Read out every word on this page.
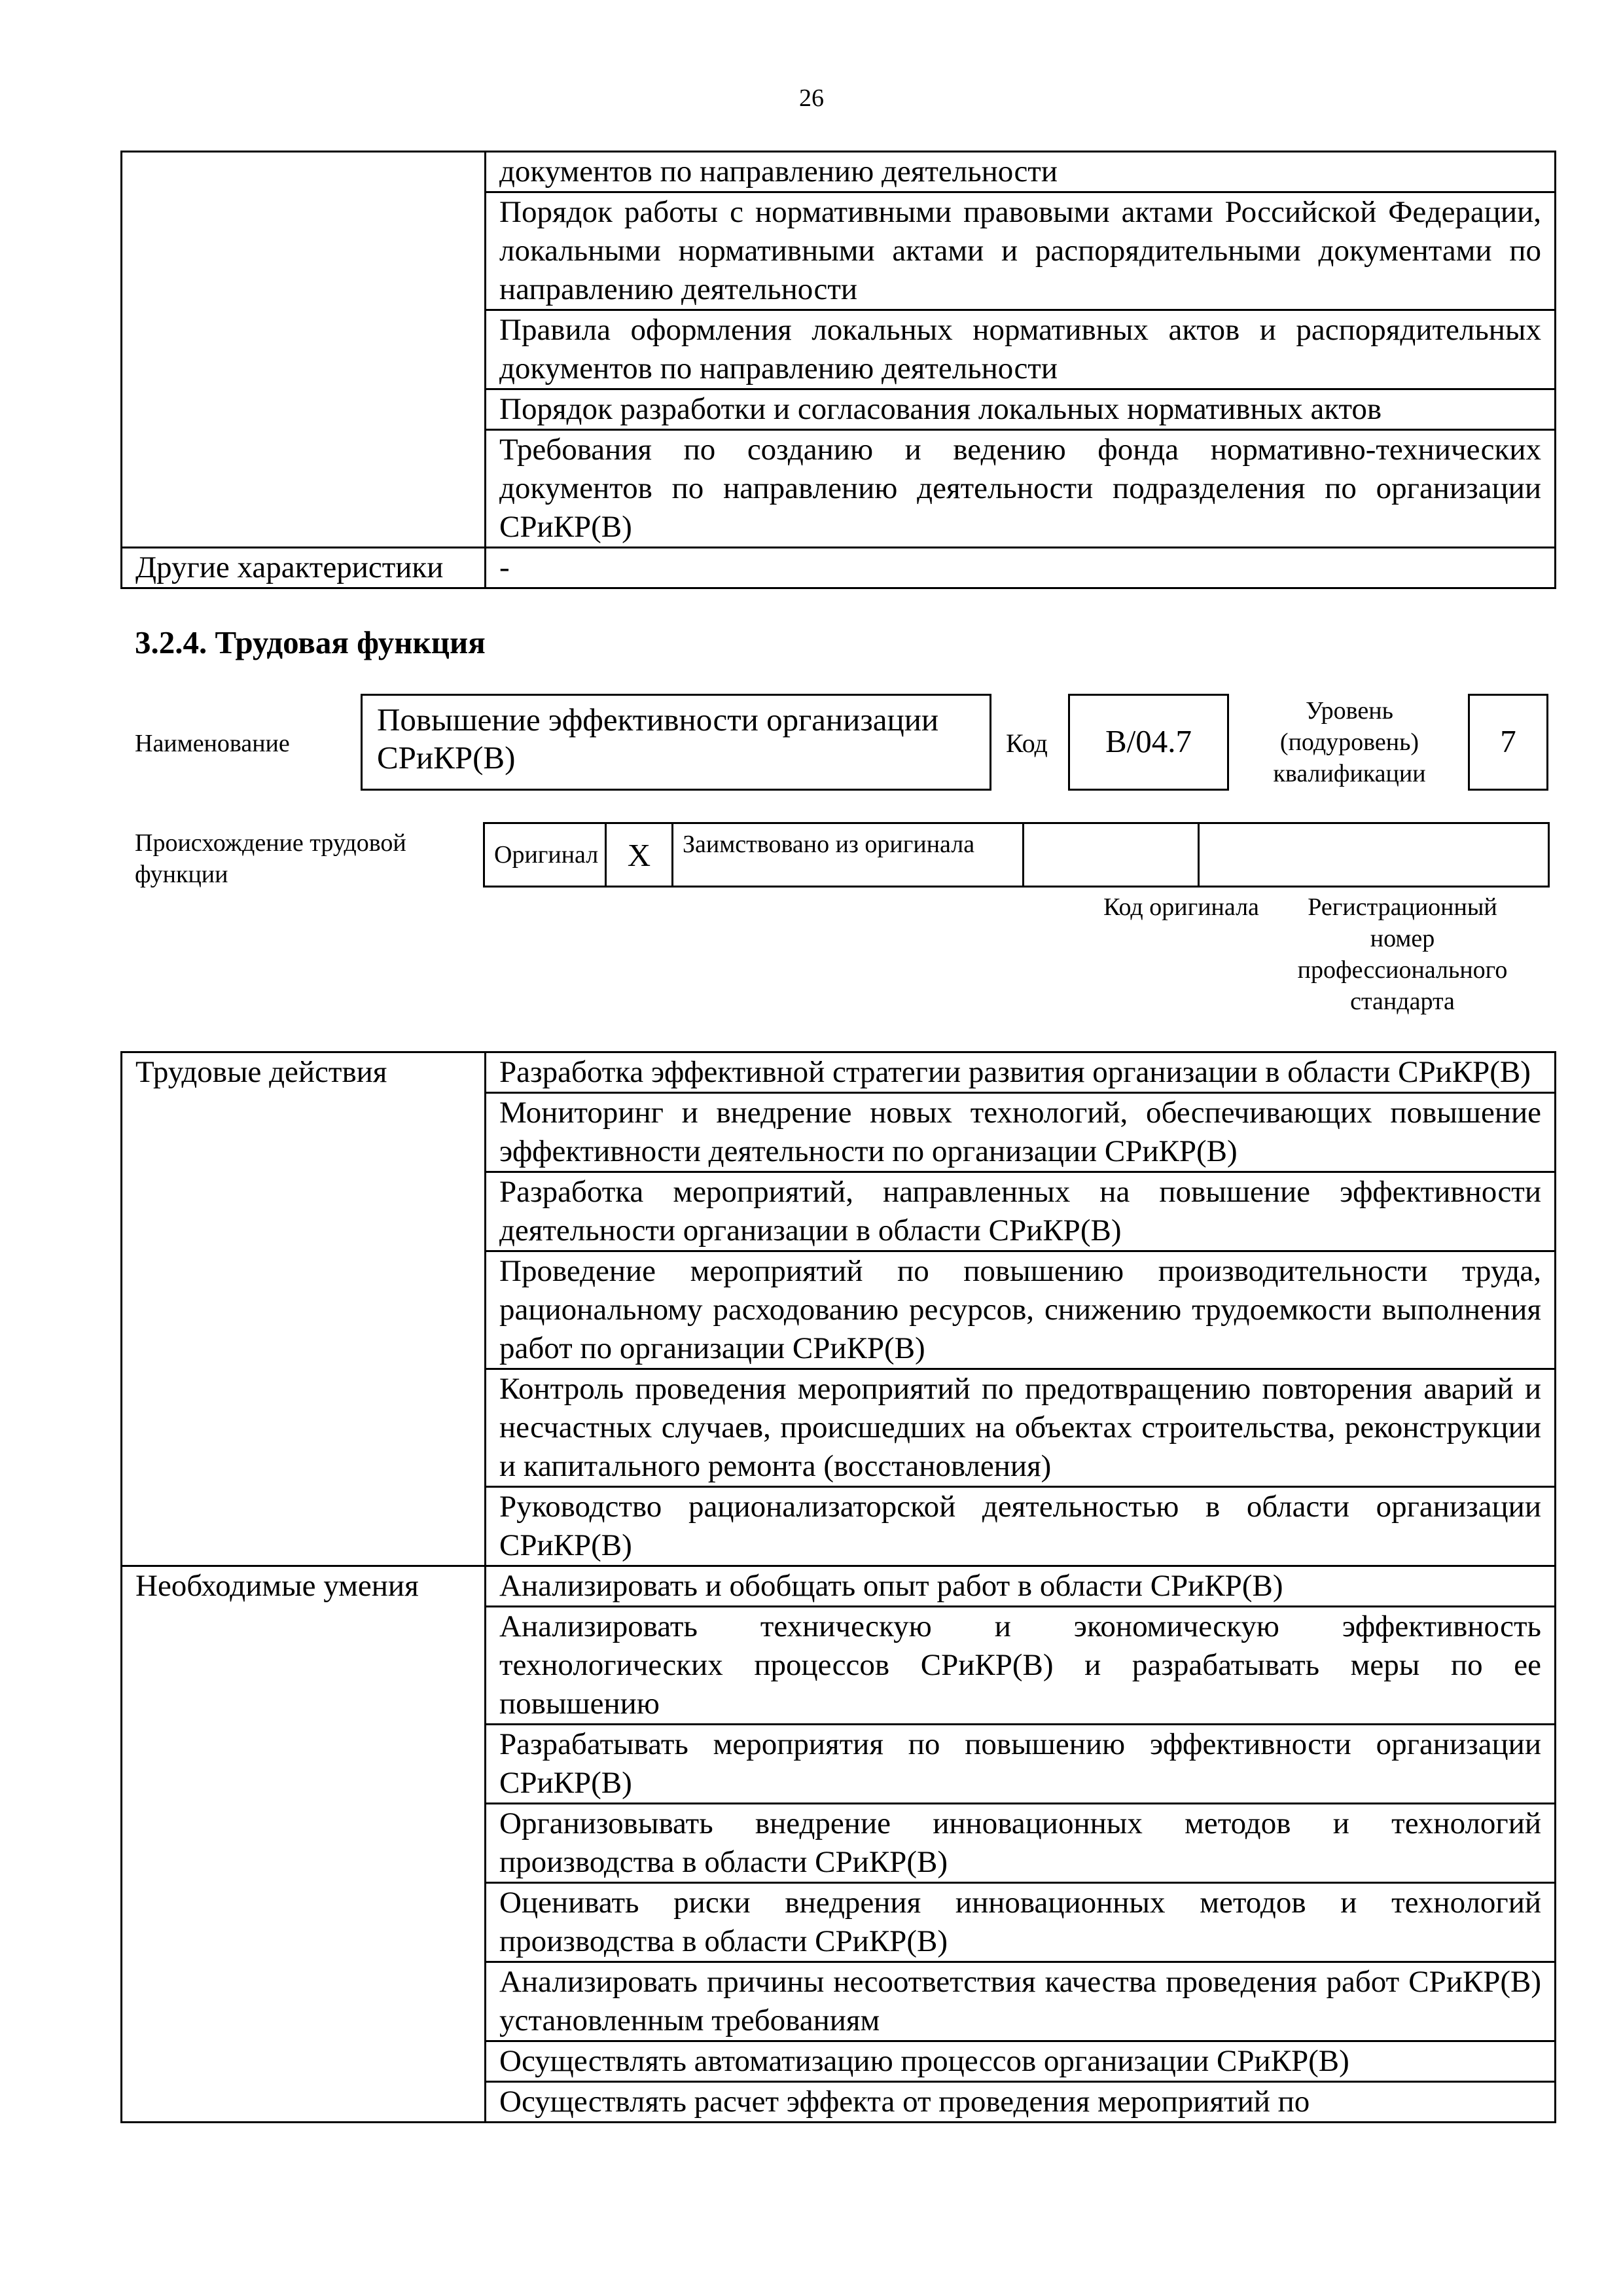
26
	документов по направлению деятельности
	Порядок работы с нормативными правовыми актами Российской Федерации, локальными нормативными актами и распорядительными документами по направлению деятельности
	Правила оформления локальных нормативных актов и распорядительных документов по направлению деятельности
	Порядок разработки и согласования локальных нормативных актов
	Требования по созданию и ведению фонда нормативно-технических документов по направлению деятельности подразделения по организации СРиКР(В)
Другие характеристики	-
3.2.4. Трудовая функция
Наименование
Повышение эффективности организации СРиКР(В)	Код	В/04.7
Уровень (подуровень) квалификации
7
Происхождение трудовой функции
Оригинал	X	Заимствовано из оригинала		
Код оригинала	Регистрационный номер профессионального стандарта
Трудовые действия	Разработка эффективной стратегии развития организации в области СРиКР(В)
	Мониторинг и внедрение новых технологий, обеспечивающих повышение эффективности деятельности по организации СРиКР(В)
	Разработка мероприятий, направленных на повышение эффективности деятельности организации в области СРиКР(В)
	Проведение мероприятий по повышению производительности труда, рациональному расходованию ресурсов, снижению трудоемкости выполнения работ по организации СРиКР(В)
	Контроль проведения мероприятий по предотвращению повторения аварий и несчастных случаев, происшедших на объектах строительства, реконструкции и капитального ремонта (восстановления)
	Руководство рационализаторской деятельностью в области организации СРиКР(В)
Необходимые умения	Анализировать и обобщать опыт работ в области СРиКР(В)
	Анализировать техническую и экономическую эффективность технологических процессов СРиКР(В) и разрабатывать меры по ее повышению
	Разрабатывать мероприятия по повышению эффективности организации СРиКР(В)
	Организовывать внедрение инновационных методов и технологий производства в области СРиКР(В)
	Оценивать риски внедрения инновационных методов и технологий производства в области СРиКР(В)
	Анализировать причины несоответствия качества проведения работ СРиКР(В) установленным требованиям
	Осуществлять автоматизацию процессов организации СРиКР(В)
	Осуществлять расчет эффекта от проведения мероприятий по
